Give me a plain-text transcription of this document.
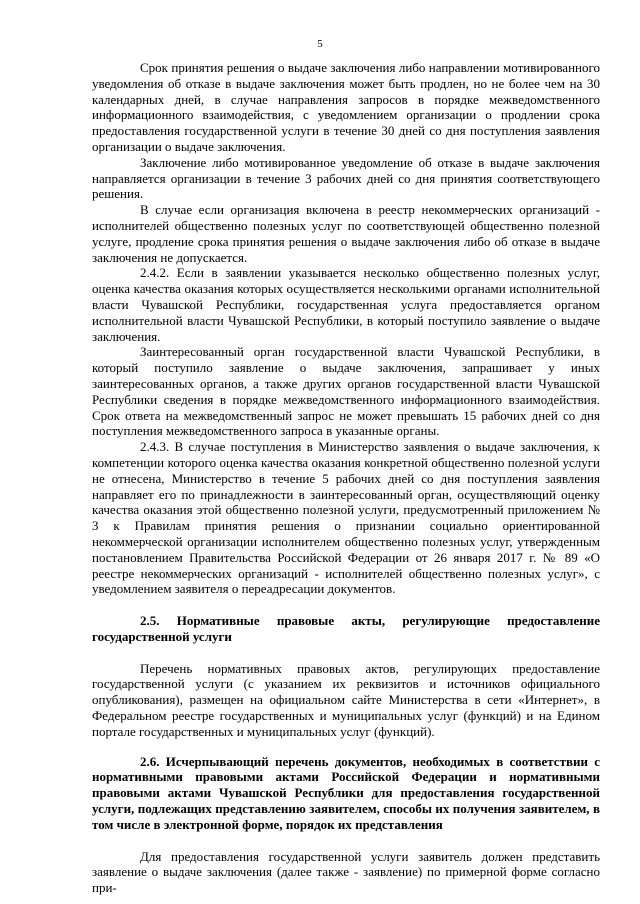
5

Срок принятия решения о выдаче заключения либо направлении мотивированного уведомления об отказе в выдаче заключения может быть продлен, но не более чем на 30 календарных дней, в случае направления запросов в порядке межведомственного информационного взаимодействия, с уведомлением организации о продлении срока предоставления государственной услуги в течение 30 дней со дня поступления заявления организации о выдаче заключения.

Заключение либо мотивированное уведомление об отказе в выдаче заключения направляется организации в течение 3 рабочих дней со дня принятия соответствующего решения.

В случае если организация включена в реестр некоммерческих организаций - исполнителей общественно полезных услуг по соответствующей общественно полезной услуге, продление срока принятия решения о выдаче заключения либо об отказе в выдаче заключения не допускается.

2.4.2. Если в заявлении указывается несколько общественно полезных услуг, оценка качества оказания которых осуществляется несколькими органами исполнительной власти Чувашской Республики, государственная услуга предоставляется органом исполнительной власти Чувашской Республики, в который поступило заявление о выдаче заключения.

Заинтересованный орган государственной власти Чувашской Республики, в который поступило заявление о выдаче заключения, запрашивает у иных заинтересованных органов, а также других органов государственной власти Чувашской Республики сведения в порядке межведомственного информационного взаимодействия. Срок ответа на межведомственный запрос не может превышать 15 рабочих дней со дня поступления межведомственного запроса в указанные органы.

2.4.3. В случае поступления в Министерство заявления о выдаче заключения, к компетенции которого оценка качества оказания конкретной общественно полезной услуги не отнесена, Министерство в течение 5 рабочих дней со дня поступления заявления направляет его по принадлежности в заинтересованный орган, осуществляющий оценку качества оказания этой общественно полезной услуги, предусмотренный приложением № 3 к Правилам принятия решения о признании социально ориентированной некоммерческой организации исполнителем общественно полезных услуг, утвержденным постановлением Правительства Российской Федерации от 26 января 2017 г. № 89 «О реестре некоммерческих организаций - исполнителей общественно полезных услуг», с уведомлением заявителя о переадресации документов.

2.5. Нормативные правовые акты, регулирующие предоставление государственной услуги

Перечень нормативных правовых актов, регулирующих предоставление государственной услуги (с указанием их реквизитов и источников официального опубликования), размещен на официальном сайте Министерства в сети «Интернет», в Федеральном реестре государственных и муниципальных услуг (функций) и на Едином портале государственных и муниципальных услуг (функций).

2.6. Исчерпывающий перечень документов, необходимых в соответствии с нормативными правовыми актами Российской Федерации и нормативными правовыми актами Чувашской Республики для предоставления государственной услуги, подлежащих представлению заявителем, способы их получения заявителем, в том числе в электронной форме, порядок их представления

Для предоставления государственной услуги заявитель должен представить заявление о выдаче заключения (далее также - заявление) по примерной форме согласно при-
